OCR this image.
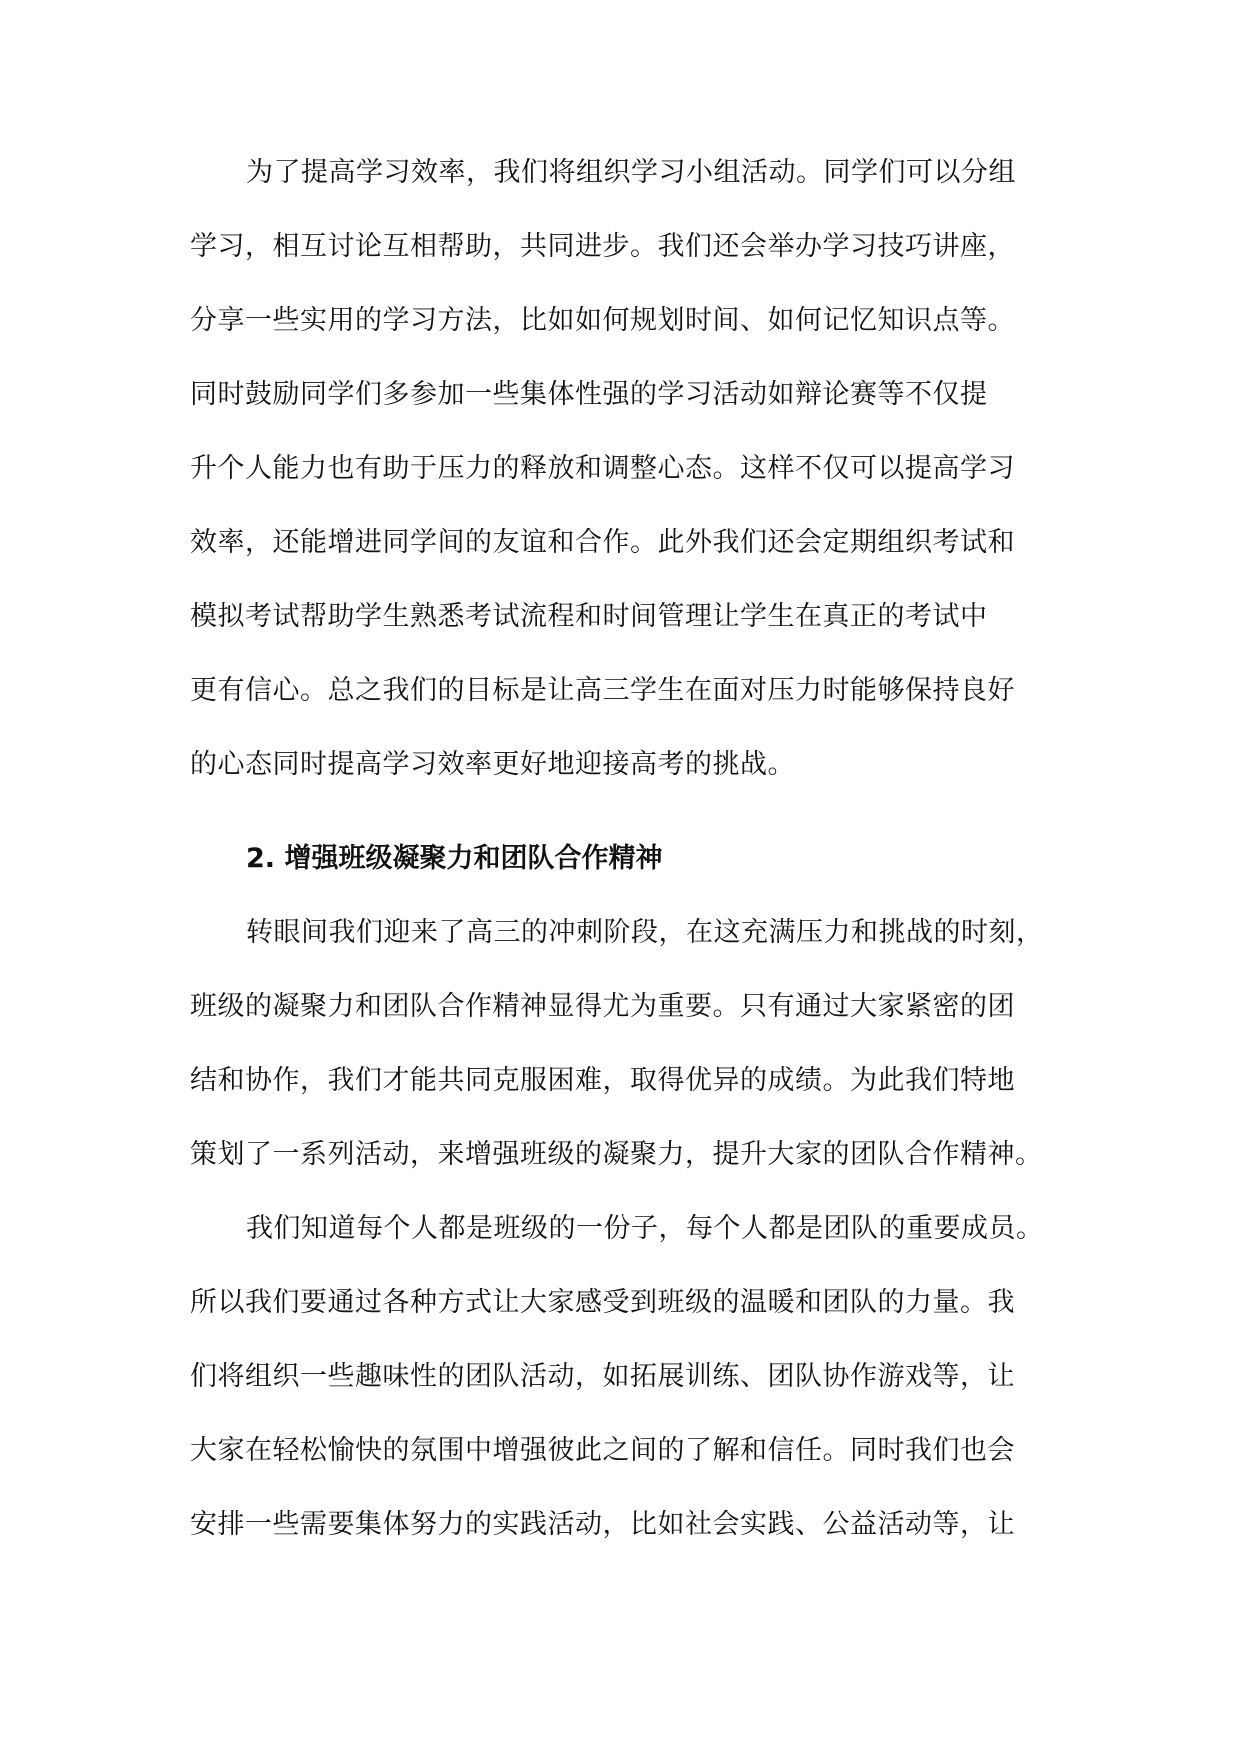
为了提高学习效率，我们将组织学习小组活动。同学们可以分组
学习，相互讨论互相帮助，共同进步。我们还会举办学习技巧讲座，
分享一些实用的学习方法，比如如何规划时间、如何记忆知识点等。
同时鼓励同学们多参加一些集体性强的学习活动如辩论赛等不仅提
升个人能力也有助于压力的释放和调整心态。这样不仅可以提高学习
效率，还能增进同学间的友谊和合作。此外我们还会定期组织考试和
模拟考试帮助学生熟悉考试流程和时间管理让学生在真正的考试中
更有信心。总之我们的目标是让高三学生在面对压力时能够保持良好
的心态同时提高学习效率更好地迎接高考的挑战。
2. 增强班级凝聚力和团队合作精神
转眼间我们迎来了高三的冲刺阶段，在这充满压力和挑战的时刻，
班级的凝聚力和团队合作精神显得尤为重要。只有通过大家紧密的团
结和协作，我们才能共同克服困难，取得优异的成绩。为此我们特地
策划了一系列活动，来增强班级的凝聚力，提升大家的团队合作精神。
我们知道每个人都是班级的一份子，每个人都是团队的重要成员。
所以我们要通过各种方式让大家感受到班级的温暖和团队的力量。我
们将组织一些趣味性的团队活动，如拓展训练、团队协作游戏等，让
大家在轻松愉快的氛围中增强彼此之间的了解和信任。同时我们也会
安排一些需要集体努力的实践活动，比如社会实践、公益活动等，让
